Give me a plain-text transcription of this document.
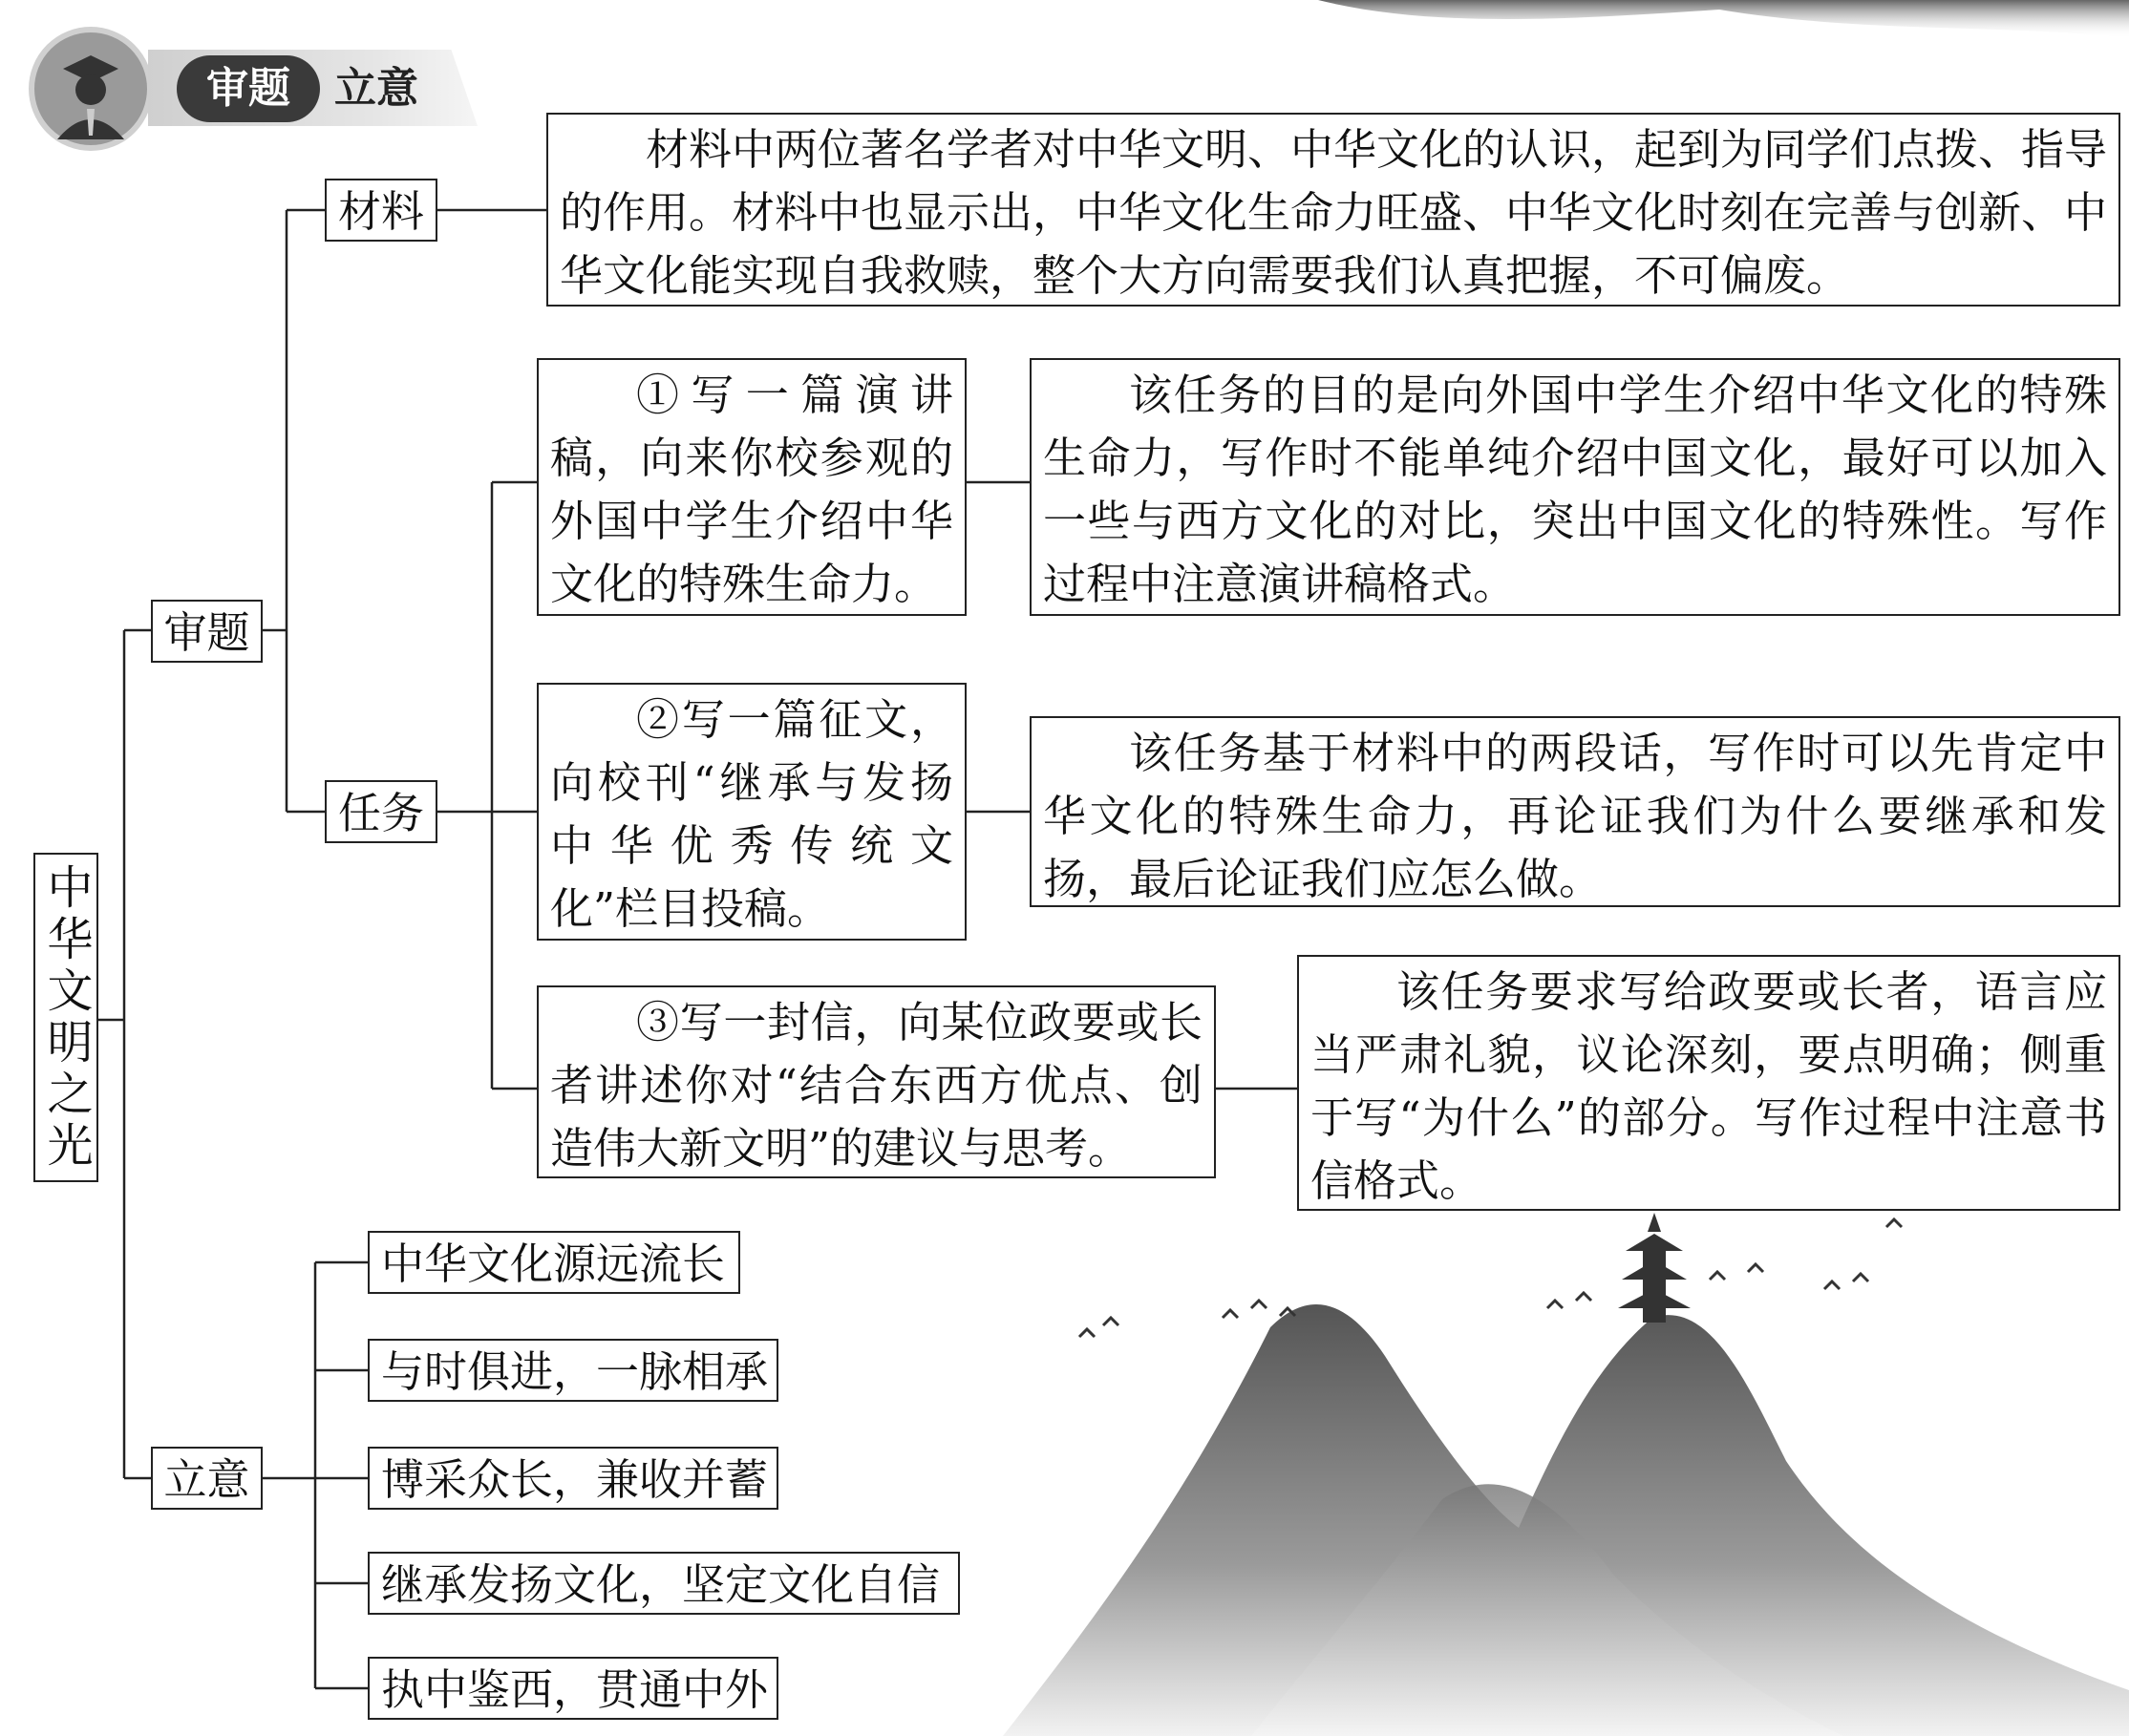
审题	立意
中华文明之光
审题
立意
材料
任务
材料中两位著名学者对中华文明、中华文化的认识，起到为同学们点拨、指导的作用。材料中也显示出，中华文化生命力旺盛、中华文化时刻在完善与创新、中华文化能实现自我救赎，整个大方向需要我们认真把握，不可偏废。
①写一篇演讲稿，向来你校参观的外国中学生介绍中华文化的特殊生命力。
该任务的目的是向外国中学生介绍中华文化的特殊生命力，写作时不能单纯介绍中国文化，最好可以加入一些与西方文化的对比，突出中国文化的特殊性。写作过程中注意演讲稿格式。
②写一篇征文，向校刊“继承与发扬中华优秀传统文化”栏目投稿。
该任务基于材料中的两段话，写作时可以先肯定中华文化的特殊生命力，再论证我们为什么要继承和发扬，最后论证我们应怎么做。
③写一封信，向某位政要或长者讲述你对“结合东西方优点、创造伟大新文明”的建议与思考。
该任务要求写给政要或长者，语言应当严肃礼貌，议论深刻，要点明确；侧重于写“为什么”的部分。写作过程中注意书信格式。
中华文化源远流长
与时俱进，一脉相承
博采众长，兼收并蓄
继承发扬文化，坚定文化自信
执中鉴西，贯通中外
